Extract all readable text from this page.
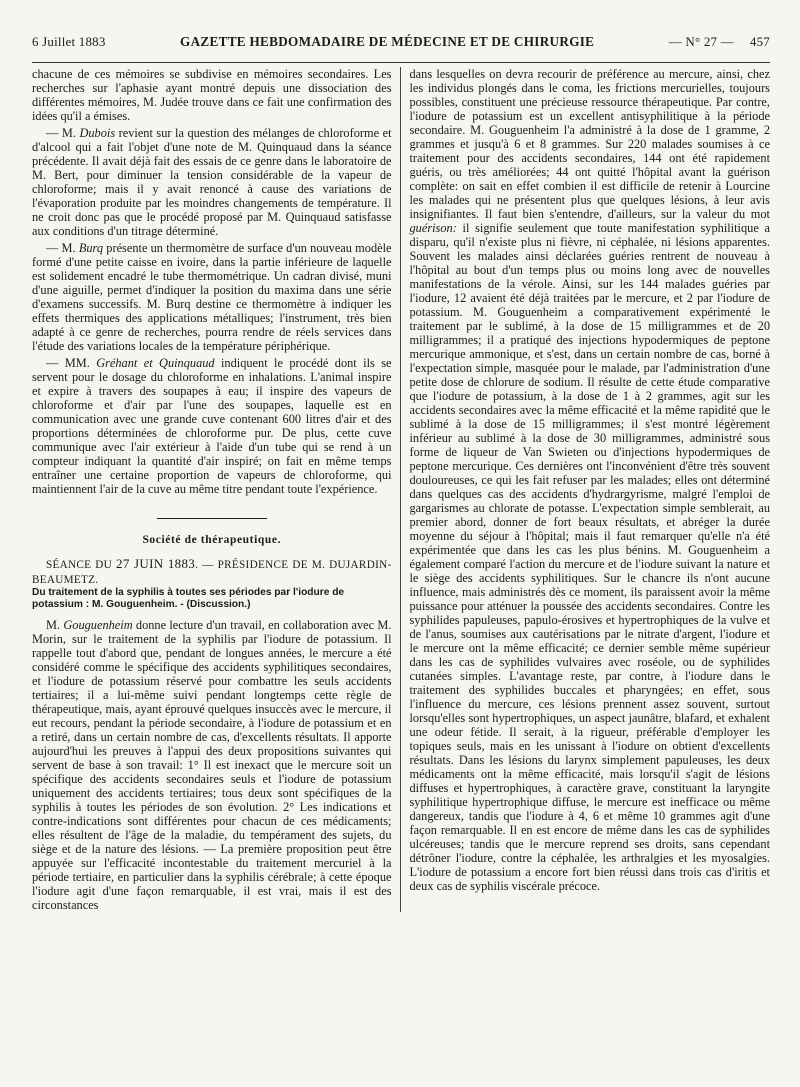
6 Juillet 1883	GAZETTE HEBDOMADAIRE DE MÉDECINE ET DE CHIRURGIE	— N° 27 — 457

chacune de ces mémoires se subdivise en mémoires secondaires. Les recherches sur l'aphasie ayant montré depuis une dissociation des différentes mémoires, M. Judée trouve dans ce fait une confirmation des idées qu'il a émises.

— M. Dubois revient sur la question des mélanges de chloroforme et d'alcool qui a fait l'objet d'une note de M. Quinquaud dans la séance précédente. Il avait déjà fait des essais de ce genre dans le laboratoire de M. Bert, pour diminuer la tension considérable de la vapeur de chloroforme; mais il y avait renoncé à cause des variations de l'évaporation produite par les moindres changements de température. Il ne croit donc pas que le procédé proposé par M. Quinquaud satisfasse aux conditions d'un titrage déterminé.

— M. Burq présente un thermomètre de surface d'un nouveau modèle formé d'une petite caisse en ivoire, dans la partie inférieure de laquelle est solidement encadré le tube thermométrique. Un cadran divisé, muni d'une aiguille, permet d'indiquer la position du maxima dans une série d'examens successifs. M. Burq destine ce thermomètre à indiquer les effets thermiques des applications métalliques; l'instrument, très bien adapté à ce genre de recherches, pourra rendre de réels services dans l'étude des variations locales de la température périphérique.

— MM. Gréhant et Quinquaud indiquent le procédé dont ils se servent pour le dosage du chloroforme en inhalations. L'animal inspire et expire à travers des soupapes à eau; il inspire des vapeurs de chloroforme et d'air par l'une des soupapes, laquelle est en communication avec une grande cuve contenant 600 litres d'air et des proportions déterminées de chloroforme pur. De plus, cette cuve communique avec l'air extérieur à l'aide d'un tube qui se rend à un compteur indiquant la quantité d'air inspiré; on fait en même temps entraîner une certaine proportion de vapeurs de chloroforme, qui maintiennent l'air de la cuve au même titre pendant toute l'expérience.

Société de thérapeutique.

SÉANCE DU 27 JUIN 1883. — PRÉSIDENCE DE M. DUJARDIN-BEAUMETZ.

Du traitement de la syphilis à toutes ses périodes par l'iodure de potassium : M. Gouguenheim. - (Discussion.)

M. Gouguenheim donne lecture d'un travail, en collaboration avec M. Morin, sur le traitement de la syphilis par l'iodure de potassium. Il rappelle tout d'abord que, pendant de longues années, le mercure a été considéré comme le spécifique des accidents syphilitiques secondaires, et l'iodure de potassium réservé pour combattre les seuls accidents tertiaires; il a lui-même suivi pendant longtemps cette règle de thérapeutique, mais, ayant éprouvé quelques insuccès avec le mercure, il eut recours, pendant la période secondaire, à l'iodure de potassium et en a retiré, dans un certain nombre de cas, d'excellents résultats. Il apporte aujourd'hui les preuves à l'appui des deux propositions suivantes qui servent de base à son travail: 1° Il est inexact que le mercure soit un spécifique des accidents secondaires seuls et l'iodure de potassium uniquement des accidents tertiaires; tous deux sont spécifiques de la syphilis à toutes les périodes de son évolution. 2° Les indications et contre-indications sont différentes pour chacun de ces médicaments; elles résultent de l'âge de la maladie, du tempérament des sujets, du siège et de la nature des lésions. — La première proposition peut être appuyée sur l'efficacité incontestable du traitement mercuriel à la période tertiaire, en particulier dans la syphilis cérébrale; à cette époque l'iodure agit d'une façon remarquable, il est vrai, mais il est des circonstances

dans lesquelles on devra recourir de préférence au mercure, ainsi, chez les individus plongés dans le coma, les frictions mercurielles, toujours possibles, constituent une précieuse ressource thérapeutique. Par contre, l'iodure de potassium est un excellent antisyphilitique à la période secondaire. M. Gouguenheim l'a administré à la dose de 1 gramme, 2 grammes et jusqu'à 6 et 8 grammes. Sur 220 malades soumises à ce traitement pour des accidents secondaires, 144 ont été rapidement guéris, ou très améliorées; 44 ont quitté l'hôpital avant la guérison complète: on sait en effet combien il est difficile de retenir à Lourcine les malades qui ne présentent plus que quelques lésions, à leur avis insignifiantes. Il faut bien s'entendre, d'ailleurs, sur la valeur du mot guérison: il signifie seulement que toute manifestation syphilitique a disparu, qu'il n'existe plus ni fièvre, ni céphalée, ni lésions apparentes. Souvent les malades ainsi déclarées guéries rentrent de nouveau à l'hôpital au bout d'un temps plus ou moins long avec de nouvelles manifestations de la vérole. Ainsi, sur les 144 malades guéries par l'iodure, 12 avaient été déjà traitées par le mercure, et 2 par l'iodure de potassium. M. Gouguenheim a comparativement expérimenté le traitement par le sublimé, à la dose de 15 milligrammes et de 20 milligrammes; il a pratiqué des injections hypodermiques de peptone mercurique ammonique, et s'est, dans un certain nombre de cas, borné à l'expectation simple, masquée pour le malade, par l'administration d'une petite dose de chlorure de sodium. Il résulte de cette étude comparative que l'iodure de potassium, à la dose de 1 à 2 grammes, agit sur les accidents secondaires avec la même efficacité et la même rapidité que le sublimé à la dose de 15 milligrammes; il s'est montré légèrement inférieur au sublimé à la dose de 30 milligrammes, administré sous forme de liqueur de Van Swieten ou d'injections hypodermiques de peptone mercurique. Ces dernières ont l'inconvénient d'être très souvent douloureuses, ce qui les fait refuser par les malades; elles ont déterminé dans quelques cas des accidents d'hydrargyrisme, malgré l'emploi de gargarismes au chlorate de potasse. L'expectation simple semblerait, au premier abord, donner de fort beaux résultats, et abréger la durée moyenne du séjour à l'hôpital; mais il faut remarquer qu'elle n'a été expérimentée que dans les cas les plus bénins. M. Gouguenheim a également comparé l'action du mercure et de l'iodure suivant la nature et le siège des accidents syphilitiques. Sur le chancre ils n'ont aucune influence, mais administrés dès ce moment, ils paraissent avoir la même puissance pour atténuer la poussée des accidents secondaires. Contre les syphilides papuleuses, papulo-érosives et hypertrophiques de la vulve et de l'anus, soumises aux cautérisations par le nitrate d'argent, l'iodure et le mercure ont la même efficacité; ce dernier semble même supérieur dans les cas de syphilides vulvaires avec roséole, ou de syphilides cutanées simples. L'avantage reste, par contre, à l'iodure dans le traitement des syphilides buccales et pharyngées; en effet, sous l'influence du mercure, ces lésions prennent assez souvent, surtout lorsqu'elles sont hypertrophiques, un aspect jaunâtre, blafard, et exhalent une odeur fétide. Il serait, à la rigueur, préférable d'employer les topiques seuls, mais en les unissant à l'iodure on obtient d'excellents résultats. Dans les lésions du larynx simplement papuleuses, les deux médicaments ont la même efficacité, mais lorsqu'il s'agit de lésions diffuses et hypertrophiques, à caractère grave, constituant la laryngite syphilitique hypertrophique diffuse, le mercure est inefficace ou même dangereux, tandis que l'iodure à 4, 6 et même 10 grammes agit d'une façon remarquable. Il en est encore de même dans les cas de syphilides ulcéreuses; tandis que le mercure reprend ses droits, sans cependant détrôner l'iodure, contre la céphalée, les arthralgies et les myosalgies. L'iodure de potassium a encore fort bien réussi dans trois cas d'iritis et deux cas de syphilis viscérale précoce.
